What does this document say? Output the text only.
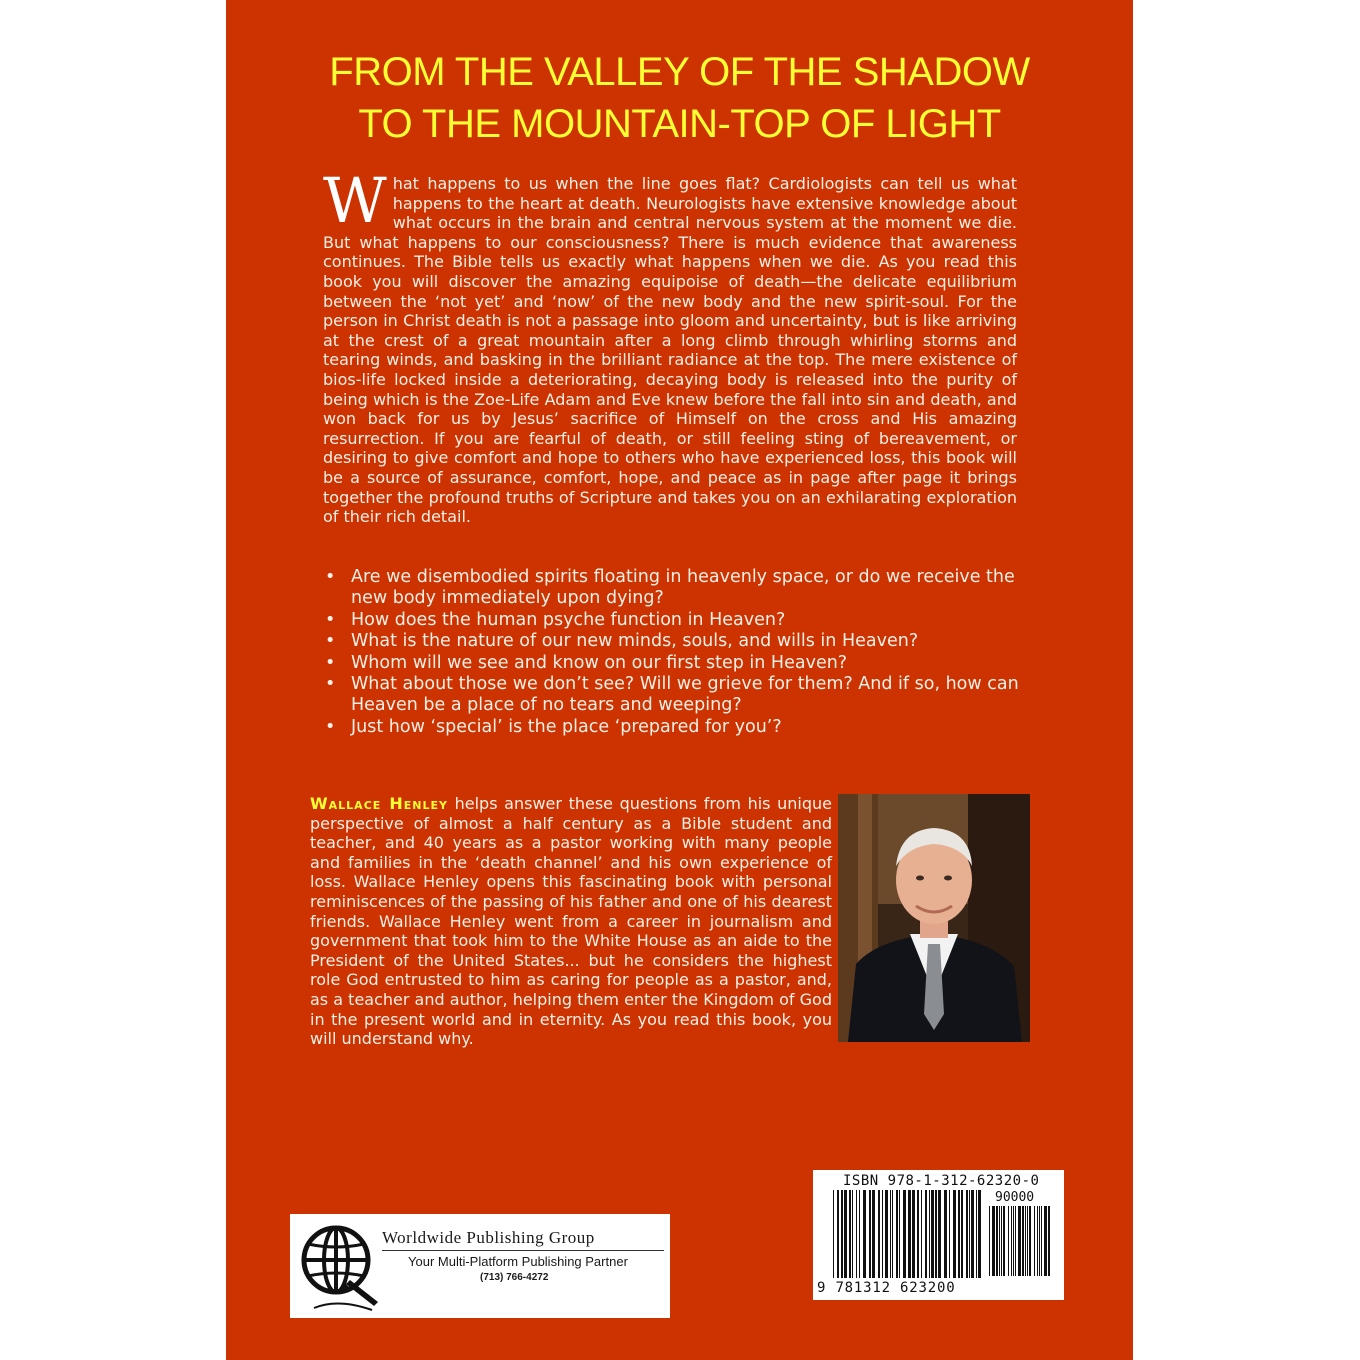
FROM THE VALLEY OF THE SHADOW
TO THE MOUNTAIN-TOP OF LIGHT

What happens to us when the line goes flat? Cardiologists can tell us what happens to the heart at death. Neurologists have extensive knowledge about what occurs in the brain and central nervous system at the moment we die. But what happens to our consciousness? There is much evidence that awareness continues. The Bible tells us exactly what happens when we die. As you read this book you will discover the amazing equipoise of death—the delicate equilibrium between the ‘not yet’ and ‘now’ of the new body and the new spirit-soul. For the person in Christ death is not a passage into gloom and uncertainty, but is like arriving at the crest of a great mountain after a long climb through whirling storms and tearing winds, and basking in the brilliant radiance at the top. The mere existence of bios-life locked inside a deteriorating, decaying body is released into the purity of being which is the Zoe-Life Adam and Eve knew before the fall into sin and death, and won back for us by Jesus’ sacrifice of Himself on the cross and His amazing resurrection. If you are fearful of death, or still feeling sting of bereavement, or desiring to give comfort and hope to others who have experienced loss, this book will be a source of assurance, comfort, hope, and peace as in page after page it brings together the profound truths of Scripture and takes you on an exhilarating exploration of their rich detail.

• Are we disembodied spirits floating in heavenly space, or do we receive the new body immediately upon dying?
• How does the human psyche function in Heaven?
• What is the nature of our new minds, souls, and wills in Heaven?
• Whom will we see and know on our first step in Heaven?
• What about those we don’t see? Will we grieve for them? And if so, how can Heaven be a place of no tears and weeping?
• Just how ‘special’ is the place ‘prepared for you’?

Wallace Henley helps answer these questions from his unique perspective of almost a half century as a Bible student and teacher, and 40 years as a pastor working with many people and families in the ‘death channel’ and his own experience of loss. Wallace Henley opens this fascinating book with personal reminiscences of the passing of his father and one of his dearest friends. Wallace Henley went from a career in journalism and government that took him to the White House as an aide to the President of the United States... but he considers the highest role God entrusted to him as caring for people as a pastor, and, as a teacher and author, helping them enter the Kingdom of God in the present world and in eternity. As you read this book, you will understand why.

Worldwide Publishing Group
Your Multi-Platform Publishing Partner
(713) 766-4272
ISBN 978-1-312-62320-0
9 781312 623200
90000
